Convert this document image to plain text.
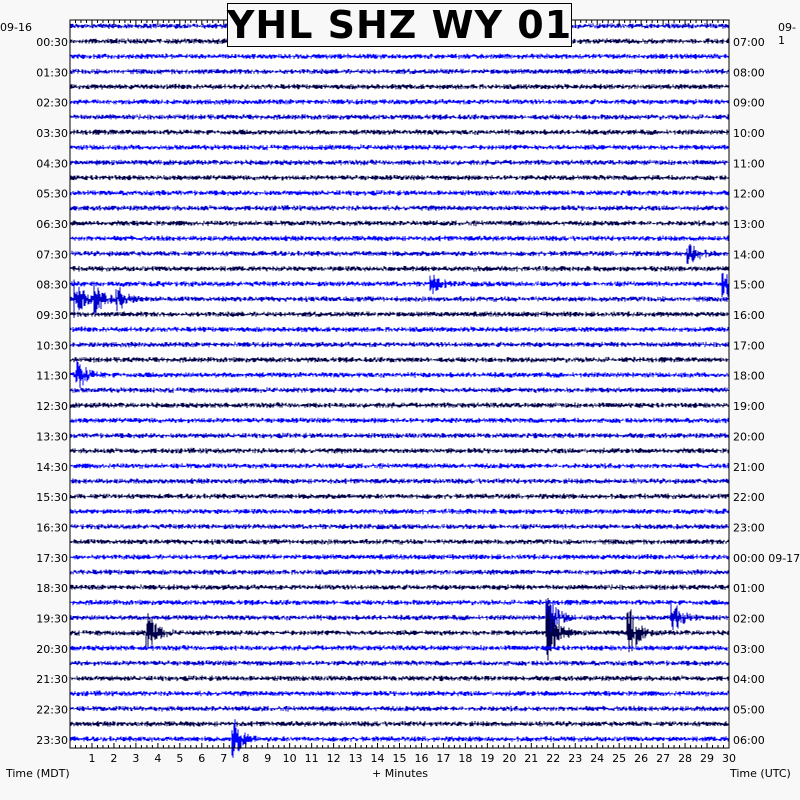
1 2 3 4 5 6 7 8 9 10 11 12 13 14 15 16 17 18 19 20 21 22 23 24 25 26 27 28 29 30
00:30
01:30
02:30
03:30
04:30
05:30
06:30
07:30
08:30
09:30
10:30
11:30
12:30
13:30
14:30
15:30
16:30
17:30
18:30
19:30
20:30
21:30
22:30
23:30
07:00
08:00
09:00
10:00
11:00
12:00
13:00
14:00
15:00
16:00
17:00
18:00
19:00
20:00
21:00
22:00
23:00
00:00 09-17
01:00
02:00
03:00
04:00
05:00
06:00
YHL SHZ WY 01
09-16	09-1
Time (MDT)	+ Minutes	Time (UTC)
